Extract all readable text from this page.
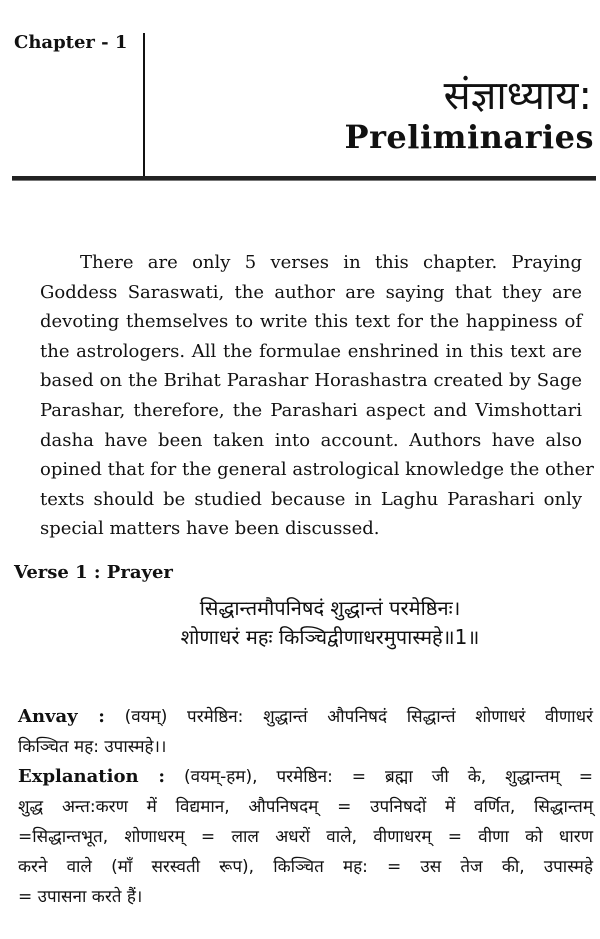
Chapter - 1
संज्ञाध्याय:
Preliminaries
There are only 5 verses in this chapter. Praying
Goddess Saraswati, the author are saying that they are
devoting themselves to write this text for the happiness of
the astrologers. All the formulae enshrined in this text are
based on the Brihat Parashar Horashastra created by Sage
Parashar, therefore, the Parashari aspect and Vimshottari
dasha have been taken into account. Authors have also
opined that for the general astrological knowledge the other
texts should be studied because in Laghu Parashari only
special matters have been discussed.
Verse 1 : Prayer
सिद्धान्तमौपनिषदं शुद्धान्तं परमेष्ठिनः।
शोणाधरं महः किञ्चिद्वीणाधरमुपास्महे॥1॥
Anvay : (वयम्) परमेष्ठिन: शुद्धान्तं औपनिषदं सिद्धान्तं शोणाधरं वीणाधरं
किञ्चित मह: उपास्महे।।
Explanation : (वयम्-हम), परमेष्ठिन: = ब्रह्मा जी के, शुद्धान्तम् =
शुद्ध अन्त:करण में विद्यमान, औपनिषदम् = उपनिषदों में वर्णित, सिद्धान्तम्
=सिद्धान्तभूत, शोणाधरम् = लाल अधरों वाले, वीणाधरम् = वीणा को धारण
करने वाले (माँ सरस्वती रूप), किञ्चित मह: = उस तेज की, उपास्महे
= उपासना करते हैं।
